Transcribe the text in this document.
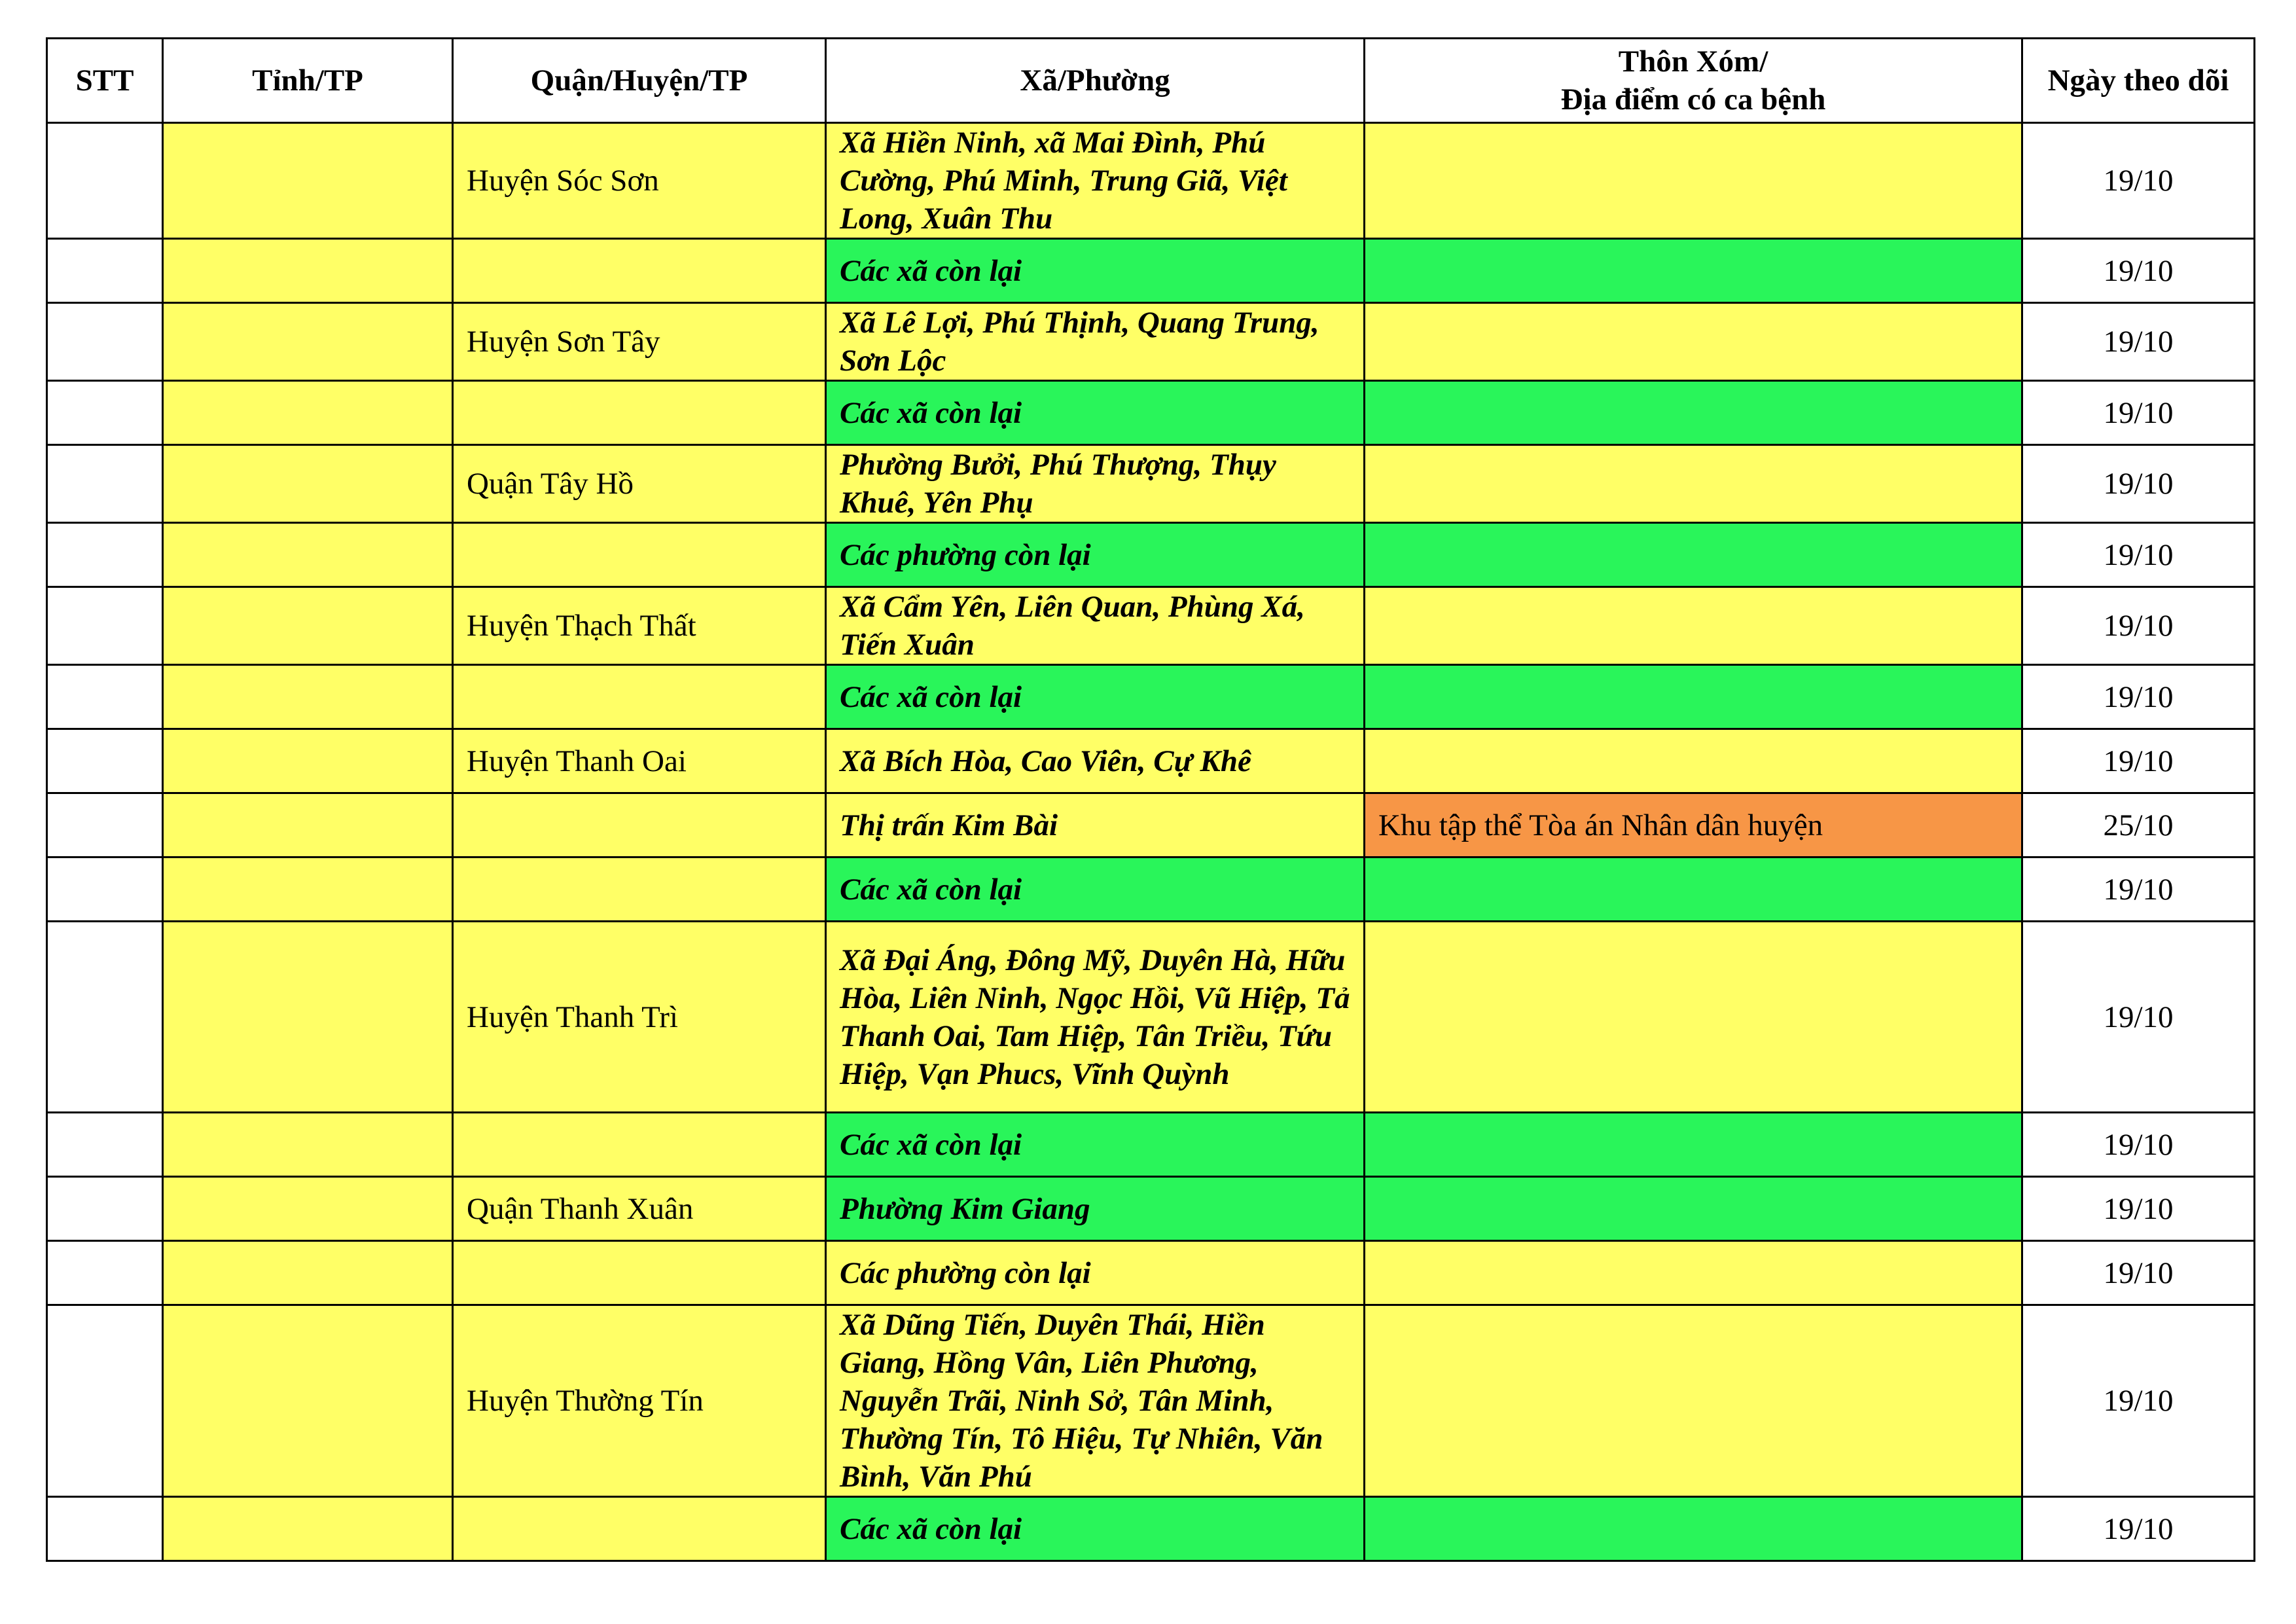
STT	Tỉnh/TP	Quận/Huyện/TP	Xã/Phường	Thôn Xóm/
Địa điểm có ca bệnh	Ngày theo dõi
		Huyện Sóc Sơn	Xã Hiền Ninh, xã Mai Đình, Phú Cường, Phú Minh, Trung Giã, Việt Long, Xuân Thu		19/10
			Các xã còn lại		19/10
		Huyện Sơn Tây	Xã Lê Lợi, Phú Thịnh, Quang Trung, Sơn Lộc		19/10
			Các xã còn lại		19/10
		Quận Tây Hồ	Phường Bưởi, Phú Thượng, Thụy Khuê, Yên Phụ		19/10
			Các phường còn lại		19/10
		Huyện Thạch Thất	Xã Cẩm Yên, Liên Quan, Phùng Xá, Tiến Xuân		19/10
			Các xã còn lại		19/10
		Huyện Thanh Oai	Xã Bích Hòa, Cao Viên, Cự Khê		19/10
			Thị trấn Kim Bài	Khu tập thể Tòa án Nhân dân huyện	25/10
			Các xã còn lại		19/10
		Huyện Thanh Trì	Xã Đại Áng, Đông Mỹ, Duyên Hà, Hữu Hòa, Liên Ninh, Ngọc Hồi, Vũ Hiệp, Tả Thanh Oai, Tam Hiệp, Tân Triều, Tứu Hiệp, Vạn Phucs, Vĩnh Quỳnh		19/10
			Các xã còn lại		19/10
		Quận Thanh Xuân	Phường Kim Giang		19/10
			Các phường còn lại		19/10
		Huyện Thường Tín	Xã Dũng Tiến, Duyên Thái, Hiền Giang, Hồng Vân, Liên Phương, Nguyễn Trãi, Ninh Sở, Tân Minh, Thường Tín, Tô Hiệu, Tự Nhiên, Văn Bình, Văn Phú		19/10
			Các xã còn lại		19/10
